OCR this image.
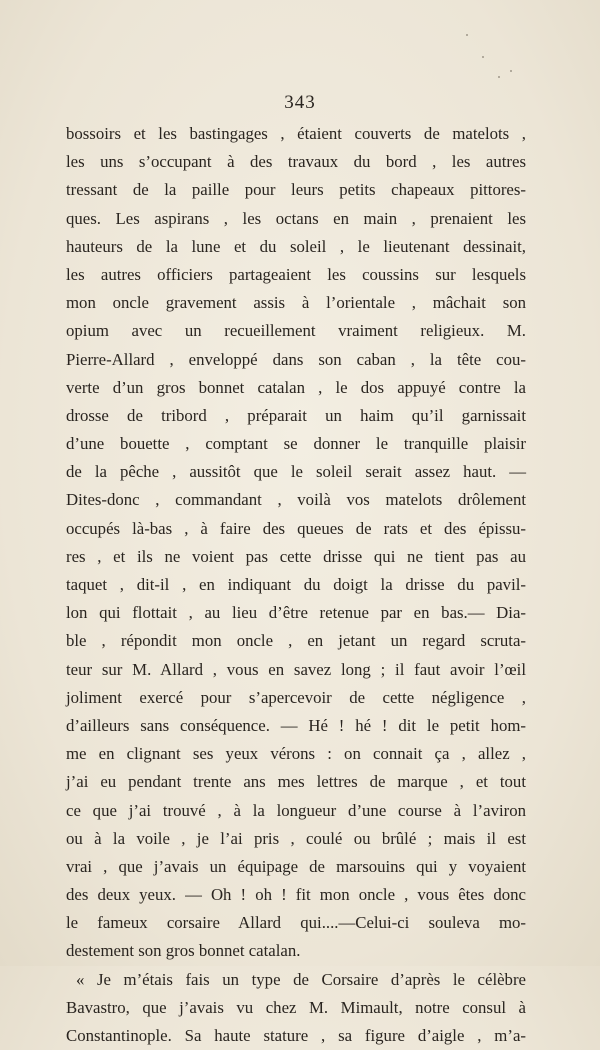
343
bossoirs et les bastingages , étaient couverts de matelots ,
les uns s’occupant à des travaux du bord , les autres
tressant de la paille pour leurs petits chapeaux pittores-
ques. Les aspirans , les octans en main , prenaient les
hauteurs de la lune et du soleil , le lieutenant dessinait,
les autres officiers partageaient les coussins sur lesquels
mon oncle gravement assis à l’orientale , mâchait son
opium avec un recueillement vraiment religieux. M.
Pierre-Allard , enveloppé dans son caban , la tête cou-
verte d’un gros bonnet catalan , le dos appuyé contre la
drosse de tribord , préparait un haim qu’il garnissait
d’une bouette , comptant se donner le tranquille plaisir
de la pêche , aussitôt que le soleil serait assez haut. —
Dites-donc , commandant , voilà vos matelots drôlement
occupés là-bas , à faire des queues de rats et des épissu-
res , et ils ne voient pas cette drisse qui ne tient pas au
taquet , dit-il , en indiquant du doigt la drisse du pavil-
lon qui flottait , au lieu d’être retenue par en bas.— Dia-
ble , répondit mon oncle , en jetant un regard scruta-
teur sur M. Allard , vous en savez long ; il faut avoir l’œil
joliment exercé pour s’apercevoir de cette négligence ,
d’ailleurs sans conséquence. — Hé ! hé ! dit le petit hom-
me en clignant ses yeux vérons : on connait ça , allez ,
j’ai eu pendant trente ans mes lettres de marque , et tout
ce que j’ai trouvé , à la longueur d’une course à l’aviron
ou à la voile , je l’ai pris , coulé ou brûlé ; mais il est
vrai , que j’avais un équipage de marsouins qui y voyaient
des deux yeux. — Oh ! oh ! fit mon oncle , vous êtes donc
le fameux corsaire Allard qui....—Celui-ci souleva mo-
destement son gros bonnet catalan.
« Je m’étais fais un type de Corsaire d’après le célèbre
Bavastro, que j’avais vu chez M. Mimault, notre consul à
Constantinople. Sa haute stature , sa figure d’aigle , m’a-
